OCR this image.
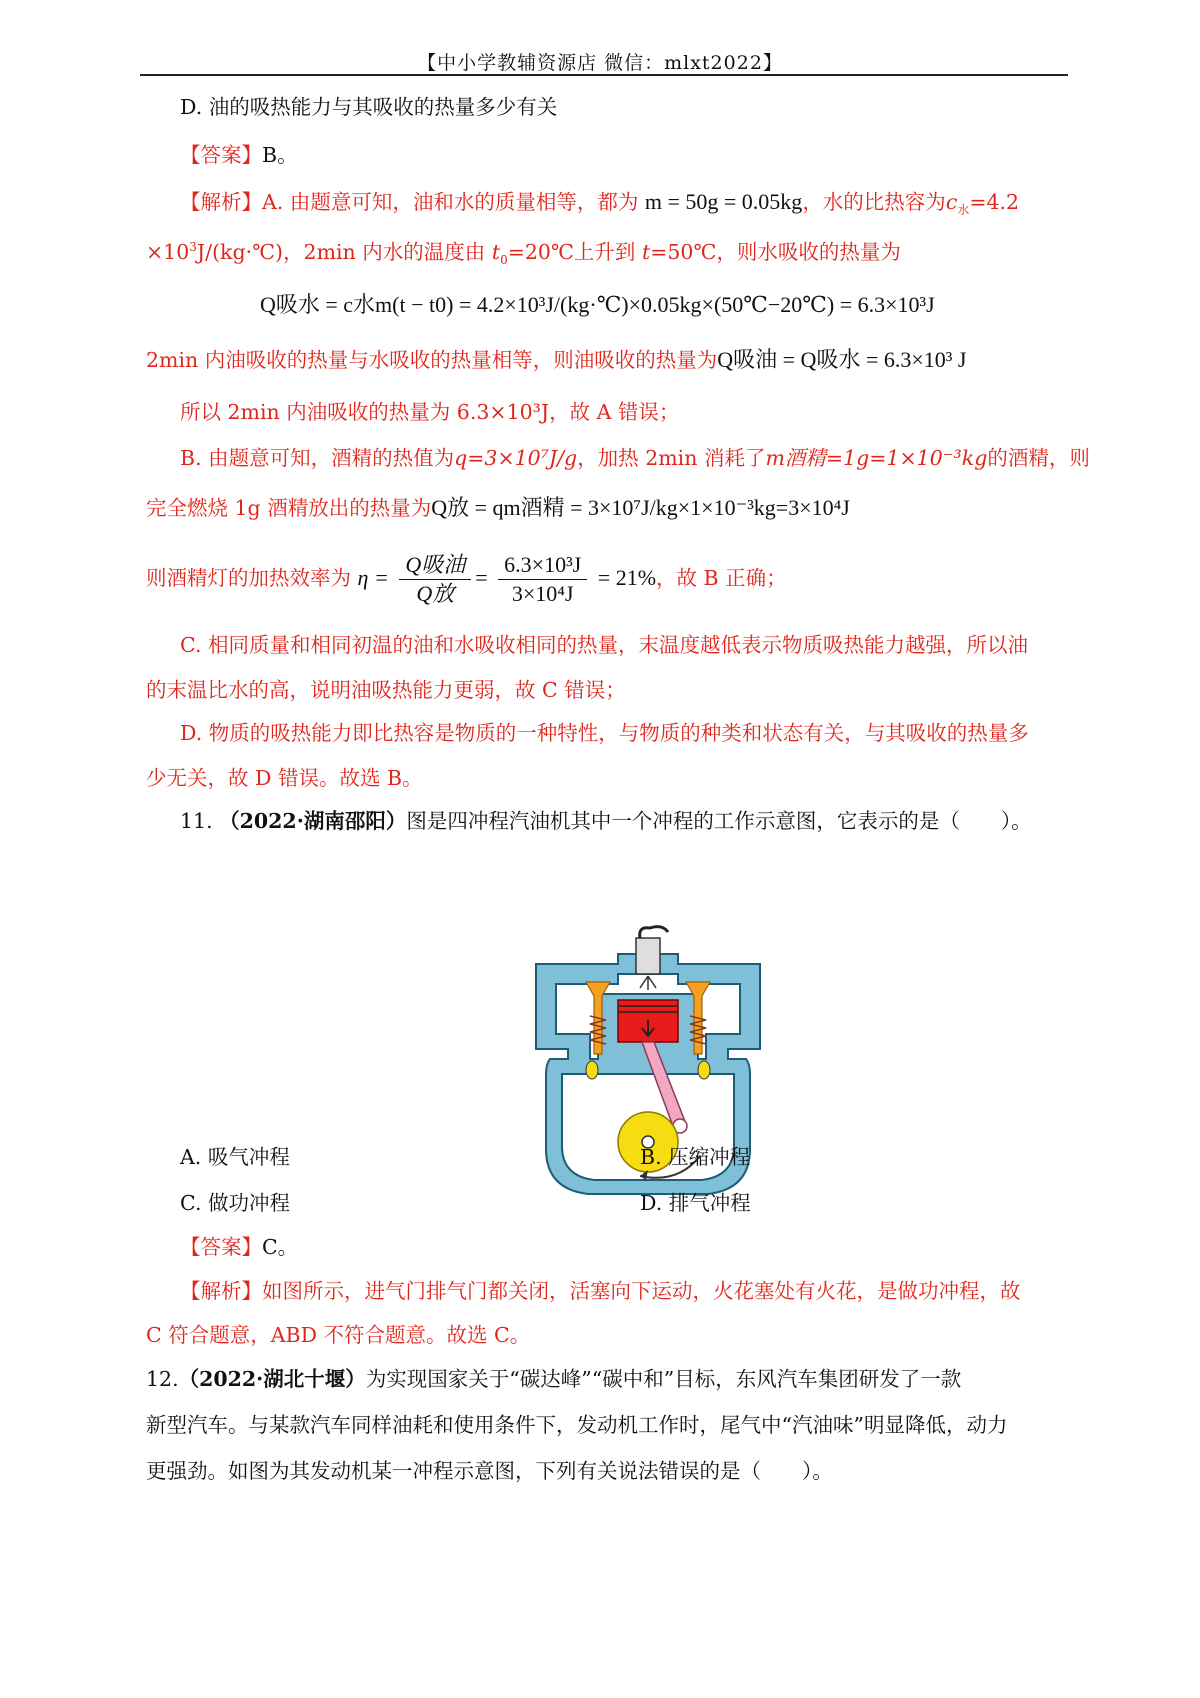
【中小学教辅资源店 微信：mlxt2022】
D. 油的吸热能力与其吸收的热量多少有关
【答案】B。
【解析】A. 由题意可知，油和水的质量相等，都为 m = 50g = 0.05kg，水的比热容为$c_水=4.2$
$\times 10^3J/(kg\cdot℃)$，2min 内水的温度由 $t_0=20℃$上升到 t=50℃，则水吸收的热量为
Q吸水 = c水m(t − t0) = 4.2×10³J/(kg·℃)×0.05kg×(50℃−20℃) = 6.3×10³J
2min 内油吸收的热量与水吸收的热量相等，则油吸收的热量为Q吸油 = Q吸水 = 6.3×10³ J
所以 2min 内油吸收的热量为 6.3×10³J，故 A 错误；
B. 由题意可知，酒精的热值为q=3×10⁷J/g，加热 2min 消耗了m酒精=1g=1×10⁻³kg的酒精，则
完全燃烧 1g 酒精放出的热量为Q放 = qm酒精 = 3×10⁷J/kg×1×10⁻³kg=3×10⁴J
则酒精灯的加热效率为 $\eta = \frac{\text{Q吸油}}{\text{Q放}} = \frac{\text{6.3×10³J}}{\text{3×10⁴J}} = 21\%$，故 B 正确；
C. 相同质量和相同初温的油和水吸收相同的热量，末温度越低表示物质吸热能力越强，所以油
的末温比水的高，说明油吸热能力更弱，故 C 错误；
D. 物质的吸热能力即比热容是物质的一种特性，与物质的种类和状态有关，与其吸收的热量多
少无关，故 D 错误。故选 B。
11. （2022·湖南邵阳）图是四冲程汽油机其中一个冲程的工作示意图，它表示的是（　　）。
A. 吸气冲程	B. 压缩冲程
C. 做功冲程	D. 排气冲程
【答案】C。
【解析】如图所示，进气门排气门都关闭，活塞向下运动，火花塞处有火花，是做功冲程，故
C 符合题意，ABD 不符合题意。故选 C。
12.（2022·湖北十堰）为实现国家关于“碳达峰”“碳中和”目标，东风汽车集团研发了一款
新型汽车。与某款汽车同样油耗和使用条件下，发动机工作时，尾气中“汽油味”明显降低，动力
更强劲。如图为其发动机某一冲程示意图，下列有关说法错误的是（　　）。
